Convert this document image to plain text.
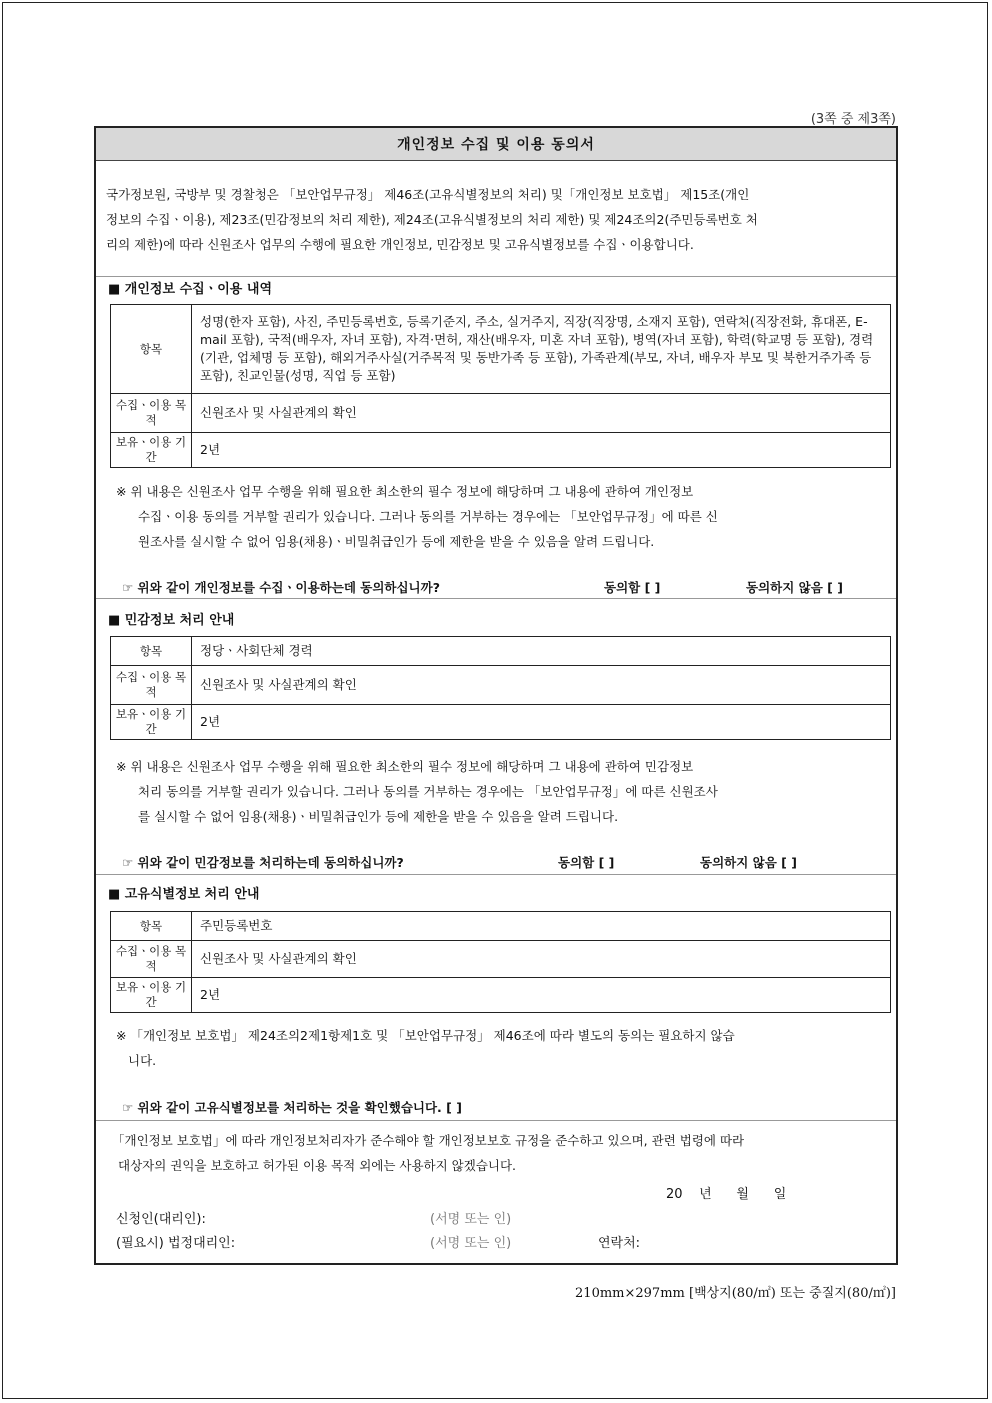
(3쪽 중 제3쪽)
개인정보 수집 및 이용 동의서
국가정보원, 국방부 및 경찰청은 「보안업무규정」 제46조(고유식별정보의 처리) 및「개인정보 보호법」 제15조(개인
정보의 수집ㆍ이용), 제23조(민감정보의 처리 제한), 제24조(고유식별정보의 처리 제한) 및 제24조의2(주민등록번호 처
리의 제한)에 따라 신원조사 업무의 수행에 필요한 개인정보, 민감정보 및 고유식별정보를 수집ㆍ이용합니다.
■ 개인정보 수집ㆍ이용 내역
항목	성명(한자 포함), 사진, 주민등록번호, 등록기준지, 주소, 실거주지, 직장(직장명, 소재지 포함), 연락처(직장전화, 휴대폰, E-mail 포함), 국적(배우자, 자녀 포함), 자격·면허, 재산(배우자, 미혼 자녀 포함), 병역(자녀 포함), 학력(학교명 등 포함), 경력(기관, 업체명 등 포함), 해외거주사실(거주목적 및 동반가족 등 포함), 가족관계(부모, 자녀, 배우자 부모 및 북한거주가족 등 포함), 친교인물(성명, 직업 등 포함)
수집ㆍ이용 목적	신원조사 및 사실관계의 확인
보유ㆍ이용 기간	2년
※ 위 내용은 신원조사 업무 수행을 위해 필요한 최소한의 필수 정보에 해당하며 그 내용에 관하여 개인정보
수집ㆍ이용 동의를 거부할 권리가 있습니다. 그러나 동의를 거부하는 경우에는 「보안업무규정」에 따른 신
원조사를 실시할 수 없어 임용(채용)ㆍ비밀취급인가 등에 제한을 받을 수 있음을 알려 드립니다.
☞ 위와 같이 개인정보를 수집ㆍ이용하는데 동의하십니까?	동의함 [ ]	동의하지 않음 [ ]
■ 민감정보 처리 안내
항목	정당ㆍ사회단체 경력
수집ㆍ이용 목적	신원조사 및 사실관계의 확인
보유ㆍ이용 기간	2년
※ 위 내용은 신원조사 업무 수행을 위해 필요한 최소한의 필수 정보에 해당하며 그 내용에 관하여 민감정보
처리 동의를 거부할 권리가 있습니다. 그러나 동의를 거부하는 경우에는 「보안업무규정」에 따른 신원조사
를 실시할 수 없어 임용(채용)ㆍ비밀취급인가 등에 제한을 받을 수 있음을 알려 드립니다.
☞ 위와 같이 민감정보를 처리하는데 동의하십니까?	동의함 [ ]	동의하지 않음 [ ]
■ 고유식별정보 처리 안내
항목	주민등록번호
수집ㆍ이용 목적	신원조사 및 사실관계의 확인
보유ㆍ이용 기간	2년
※ 「개인정보 보호법」 제24조의2제1항제1호 및 「보안업무규정」 제46조에 따라 별도의 동의는 필요하지 않습
니다.
☞ 위와 같이 고유식별정보를 처리하는 것을 확인했습니다. [ ]
「개인정보 보호법」에 따라 개인정보처리자가 준수해야 할 개인정보보호 규정을 준수하고 있으며, 관련 법령에 따라
대상자의 권익을 보호하고 허가된 이용 목적 외에는 사용하지 않겠습니다.
20    년      월      일
신청인(대리인):	(서명 또는 인)
(필요시) 법정대리인:	(서명 또는 인)	연락처:
210mm×297mm [백상지(80/㎡) 또는 중질지(80/㎡)]
